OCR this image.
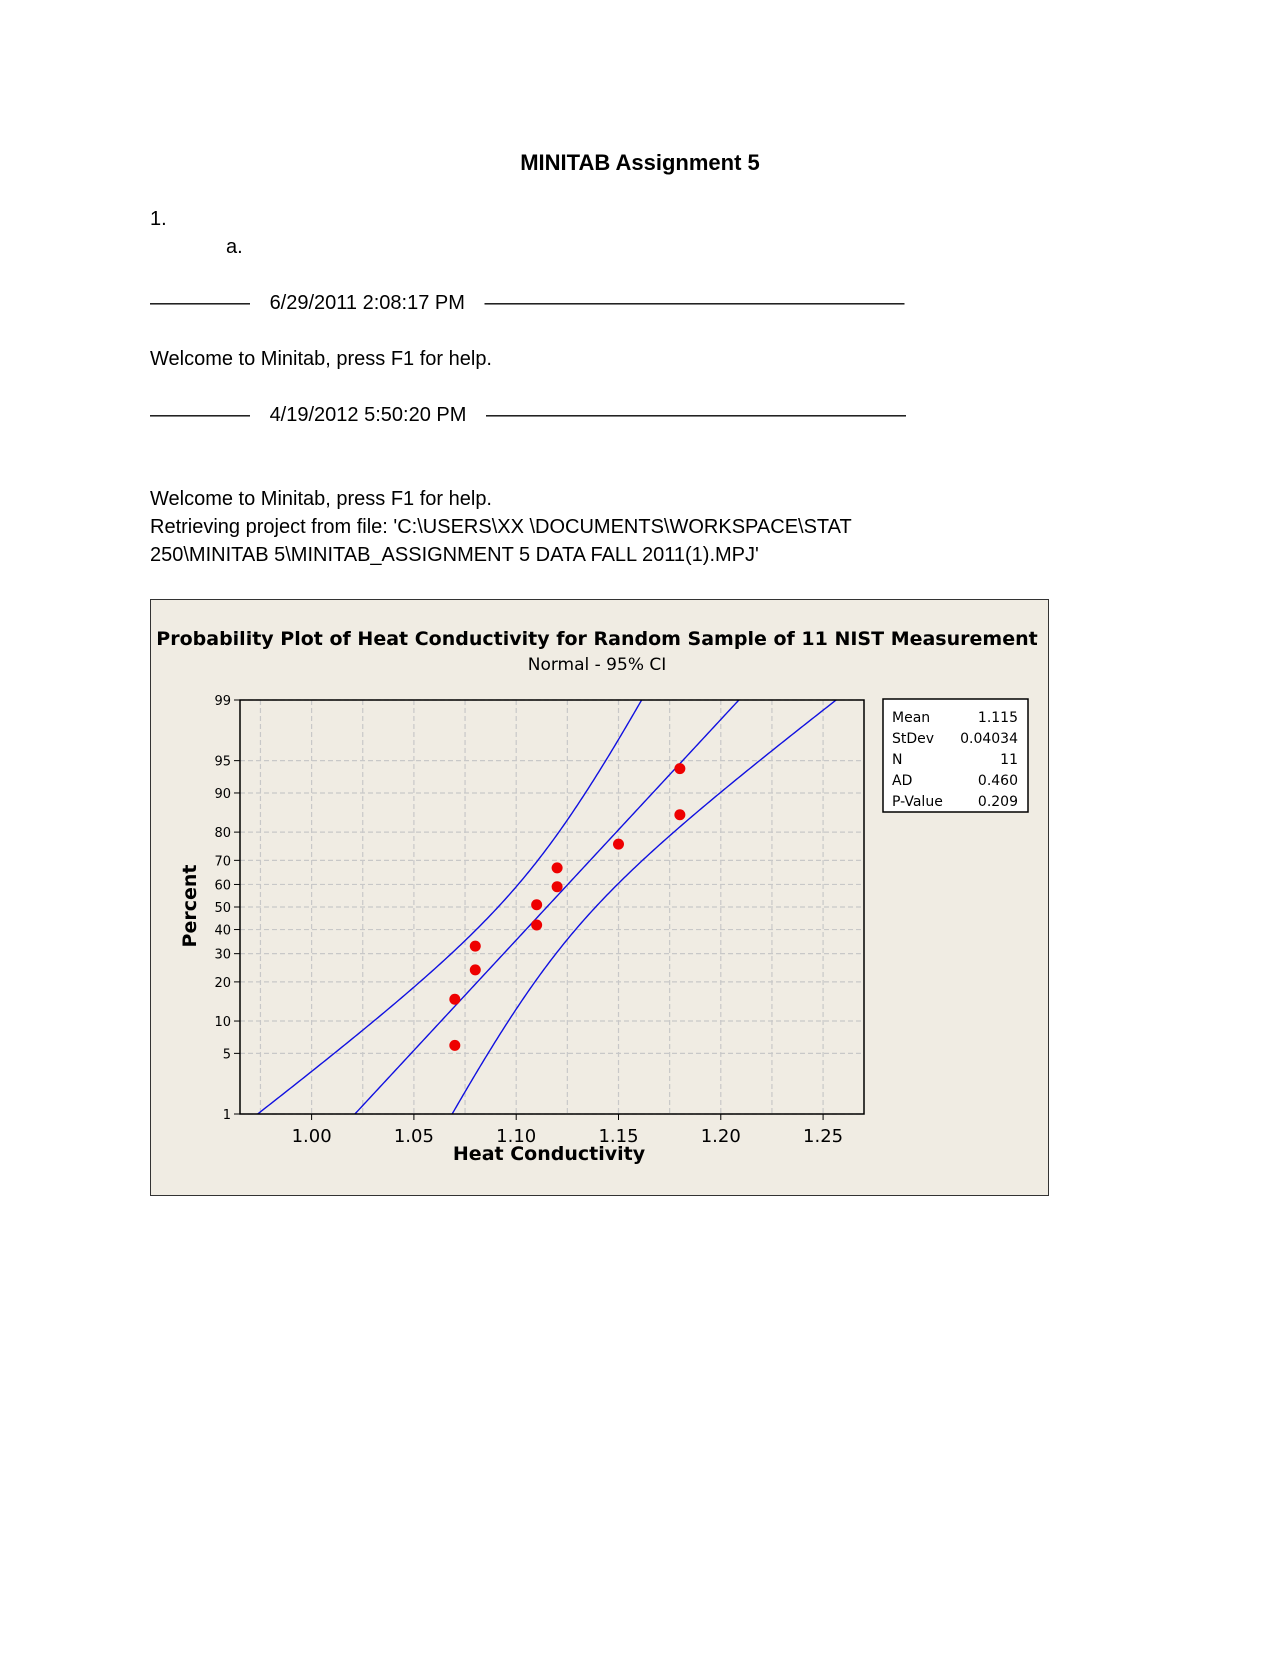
MINITAB Assignment 5
1.
a.
————— 6/29/2011 2:08:17 PM —————————————————————
Welcome to Minitab, press F1 for help.
————— 4/19/2012 5:50:20 PM —————————————————————
Welcome to Minitab, press F1 for help.
Retrieving project from file: 'C:\USERS\XX \DOCUMENTS\WORKSPACE\STAT
250\MINITAB 5\MINITAB_ASSIGNMENT 5 DATA FALL 2011(1).MPJ'
Probability Plot of Heat Conductivity for Random Sample of 11 NIST Measurement
Normal - 95% CI
Percent
Heat Conductivity
1.00	1.05	1.10	1.15	1.20	1.25
1
5
10
20
30
40
50
60
70
80
90
95
99
Mean	1.115
StDev 0.04034
N	11
AD	0.460
P-Value	0.209
